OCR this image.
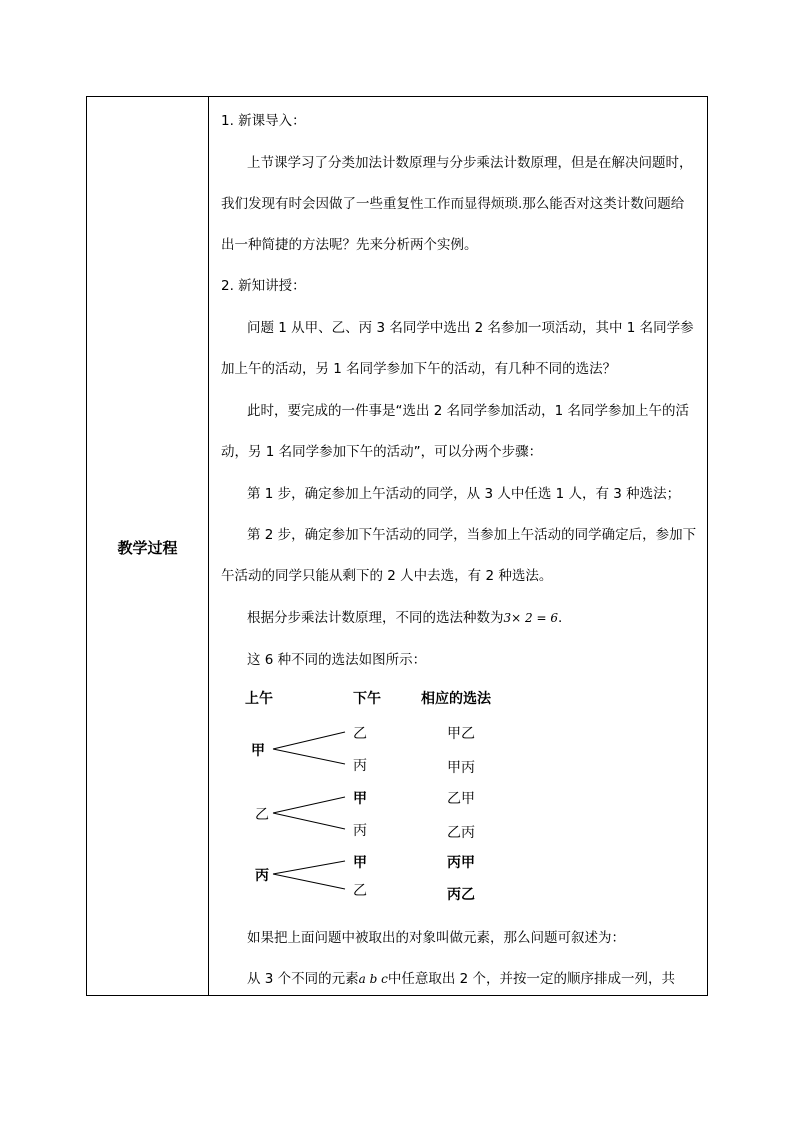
教学过程
1. 新课导入：
上节课学习了分类加法计数原理与分步乘法计数原理，但是在解决问题时，
我们发现有时会因做了一些重复性工作而显得烦琐.那么能否对这类计数问题给
出一种简捷的方法呢？先来分析两个实例。
2. 新知讲授：
问题 1 从甲、乙、丙 3 名同学中选出 2 名参加一项活动，其中 1 名同学参
加上午的活动，另 1 名同学参加下午的活动，有几种不同的选法？
此时，要完成的一件事是“选出 2 名同学参加活动，1 名同学参加上午的活
动，另 1 名同学参加下午的活动”，可以分两个步骤：
第 1 步，确定参加上午活动的同学，从 3 人中任选 1 人，有 3 种选法；
第 2 步，确定参加下午活动的同学，当参加上午活动的同学确定后，参加下
午活动的同学只能从剩下的 2 人中去选，有 2 种选法。
根据分步乘法计数原理，不同的选法种数为3× 2 = 6.
这 6 种不同的选法如图所示：
上午	下午	相应的选法
甲
乙
丙
甲乙
甲丙
乙
甲
丙
乙甲
乙丙
丙
甲
乙
丙甲
丙乙
如果把上面问题中被取出的对象叫做元素，那么问题可叙述为：
从 3 个不同的元素a b c中任意取出 2 个，并按一定的顺序排成一列，共
